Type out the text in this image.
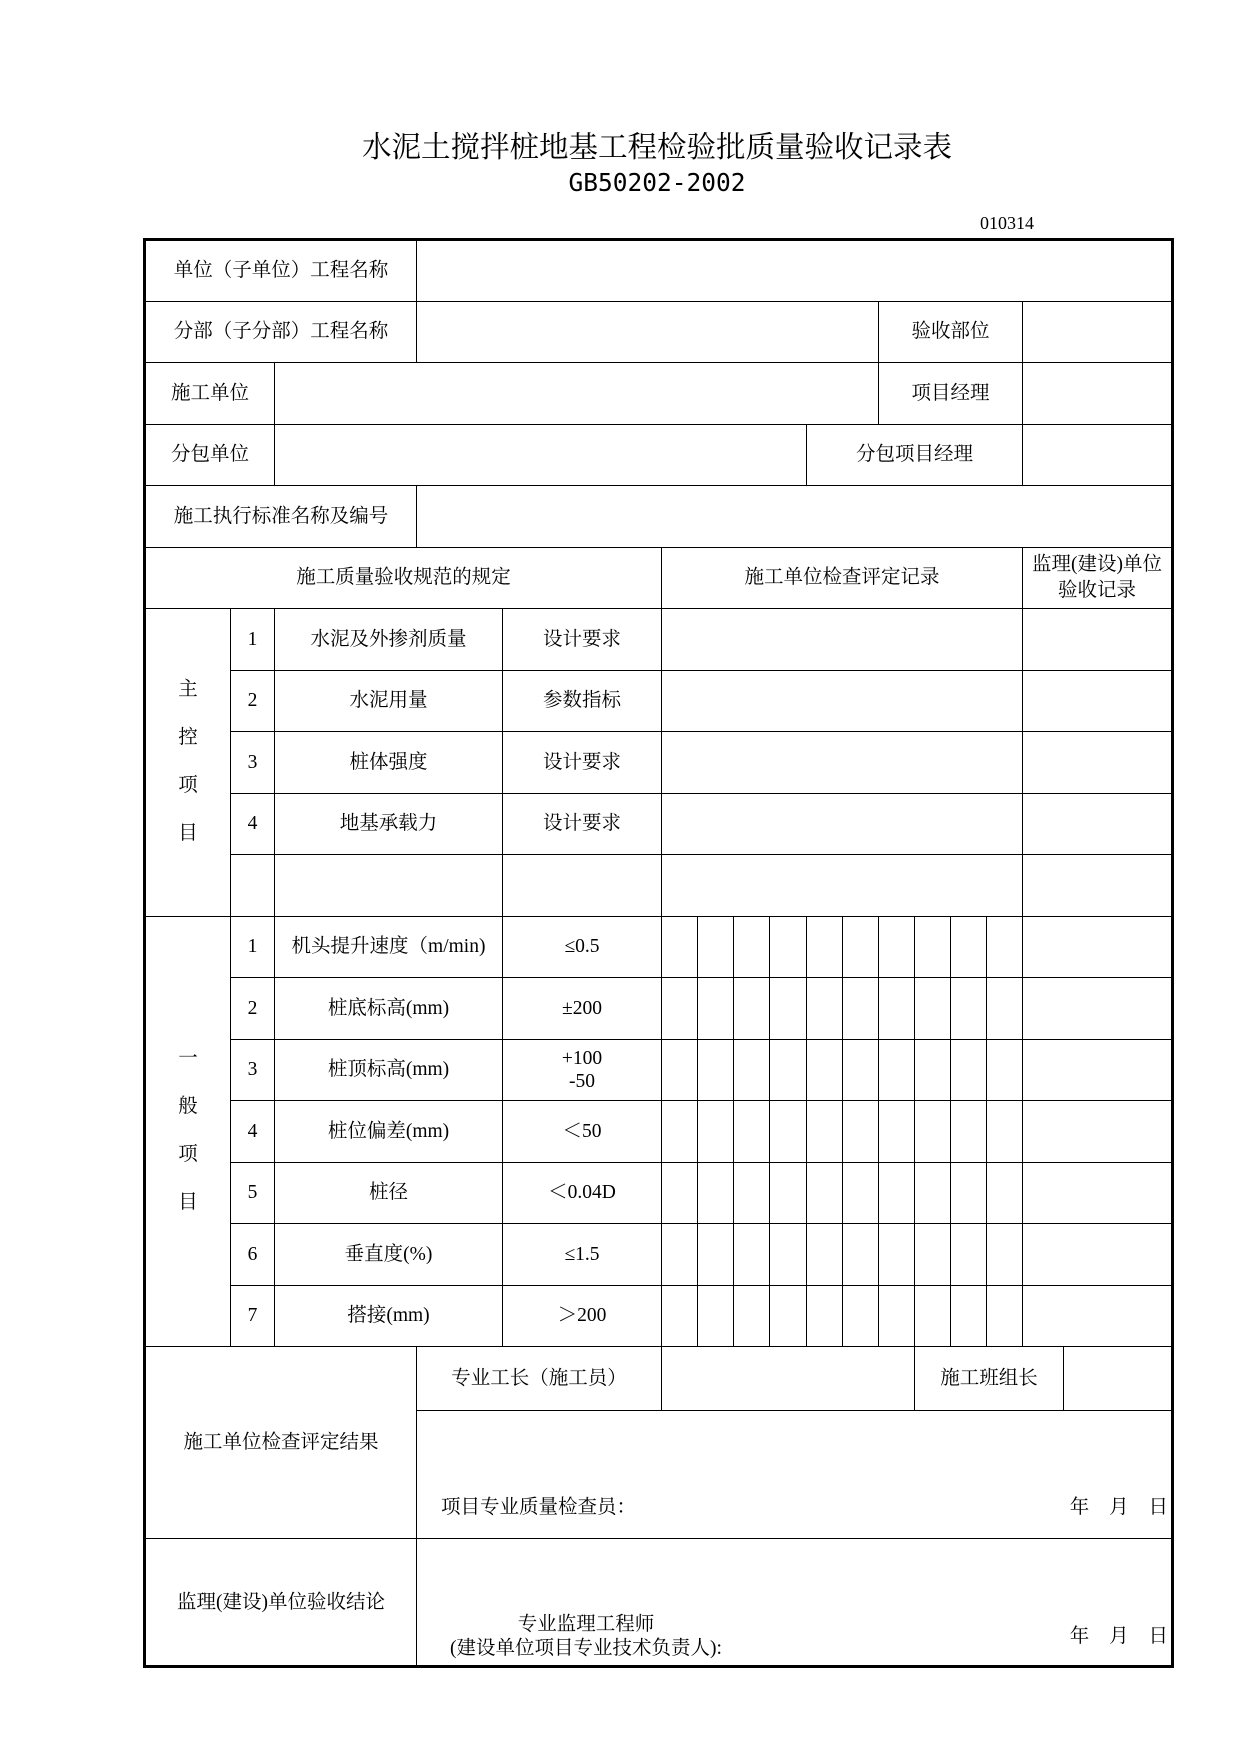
水泥土搅拌桩地基工程检验批质量验收记录表
GB50202-2002
010314
单位（子单位）工程名称																
分部（子分部）工程名称											验收部位					
施工单位											项目经理					
分包单位									分包项目经理							
施工执行标准名称及编号																
施工质量验收规范的规定					施工单位检查评定记录										监理(建设)单位
验收记录	
主控项目	1	水泥及外掺剂质量		设计要求												
	2	水泥用量		参数指标												
	3	桩体强度		设计要求												
	4	地基承载力		设计要求												

一般项目	1	机头提升速度（m/min)		≤0.5												
	2	桩底标高(mm)		±200												
	3	桩顶标高(mm)		+100
-50												
	4	桩位偏差(mm)		＜50												
	5	桩径		＜0.04D												
	6	垂直度(%)		≤1.5												
	7	搭接(mm)		＞200												
施工单位检查评定结果			专业工长（施工员）									施工班组长				

			项目专业质量检查员： 年 月 日													

监理(建设)单位验收结论			专业监理工程师
(建设单位项目专业技术负责人):
年 月 日													
